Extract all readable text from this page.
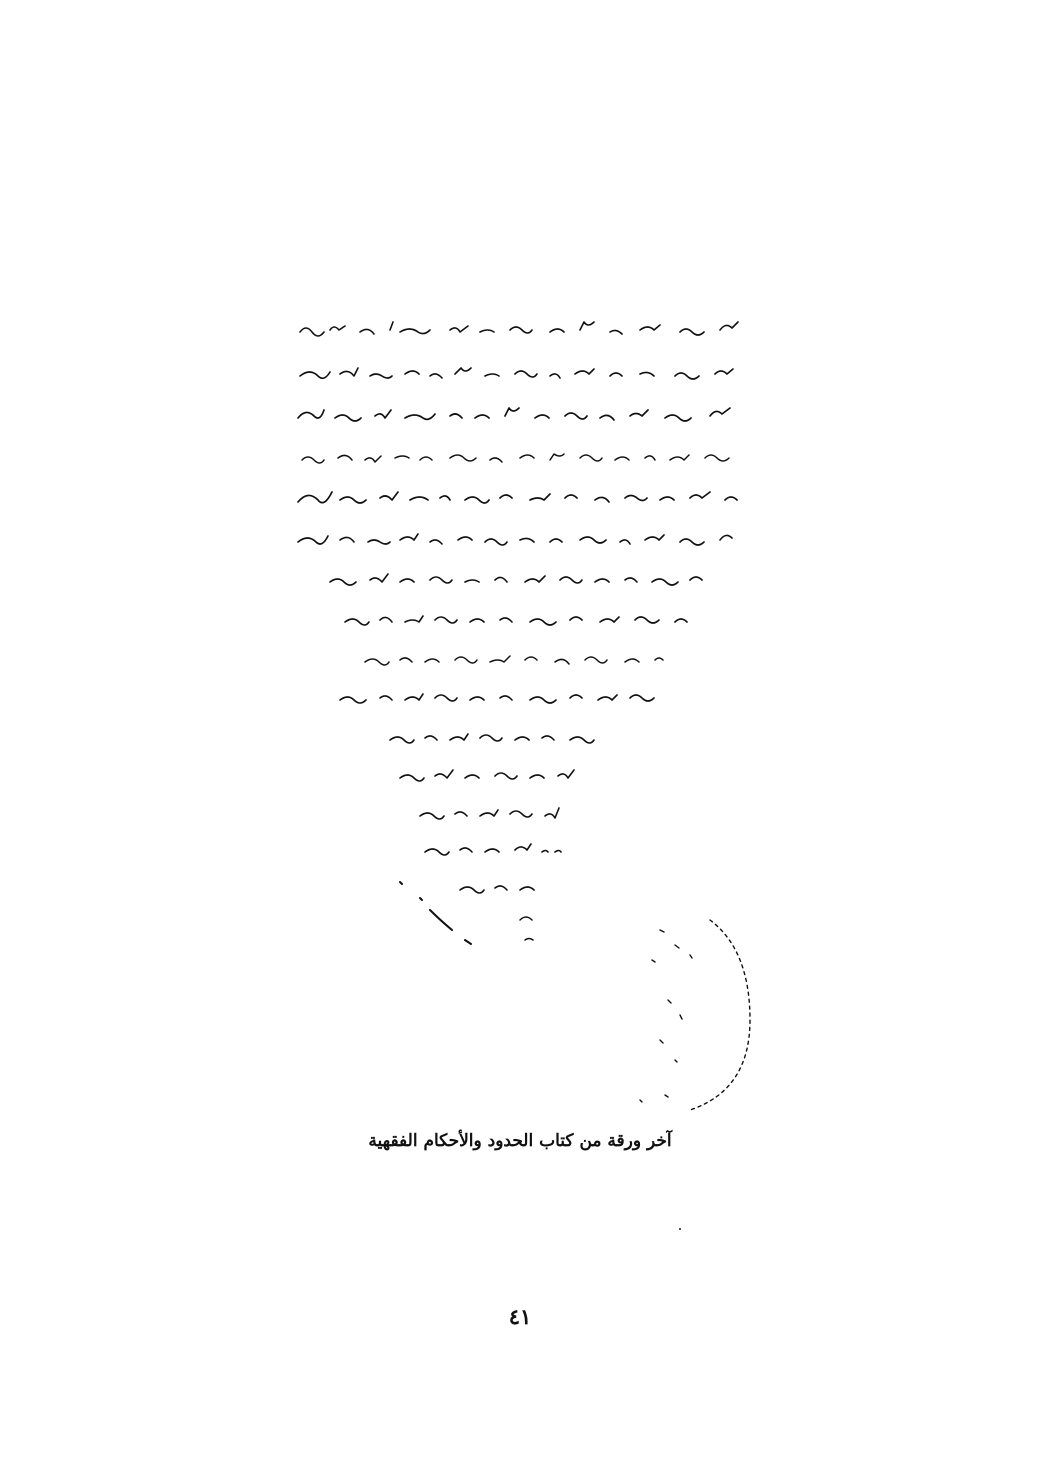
آخر ورقة من كتاب الحدود والأحكام الفقهية
٤١
